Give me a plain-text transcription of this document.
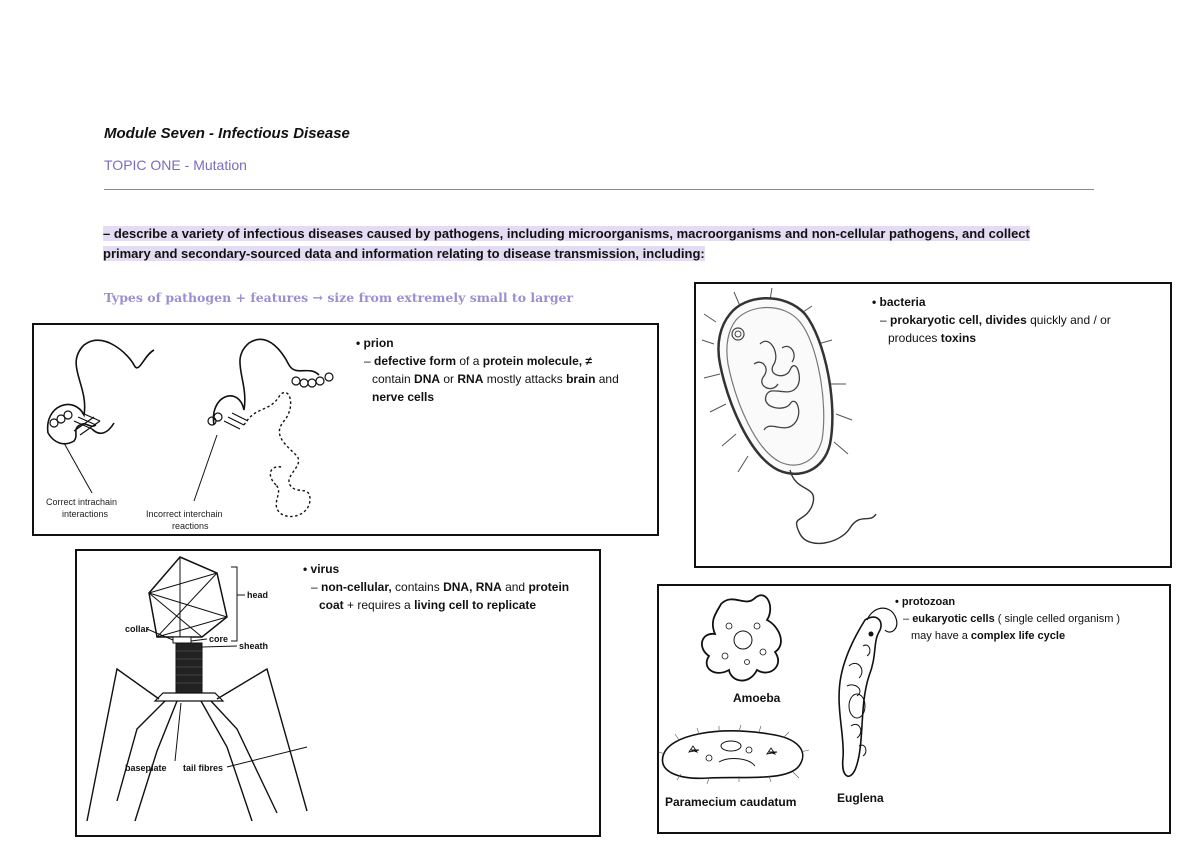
Module Seven - Infectious Disease
TOPIC ONE - Mutation
– describe a variety of infectious diseases caused by pathogens, including microorganisms, macroorganisms and non-cellular pathogens, and collect
primary and secondary-sourced data and information relating to disease transmission, including:
Types of pathogen + features → size from extremely small to larger
Correct intrachain
interactions	Incorrect interchain
reactions
• prion
– defective form of a protein molecule, ≠
contain DNA or RNA mostly attacks brain and
nerve cells
• bacteria
– prokaryotic cell, divides quickly and / or
produces toxins
head
collar
core
sheath
baseplate tail fibres
• virus
– non-cellular, contains DNA, RNA and protein
coat + requires a living cell to replicate
Amoeba
Paramecium caudatum	Euglena
• protozoan
– eukaryotic cells ( single celled organism )
may have a complex life cycle
